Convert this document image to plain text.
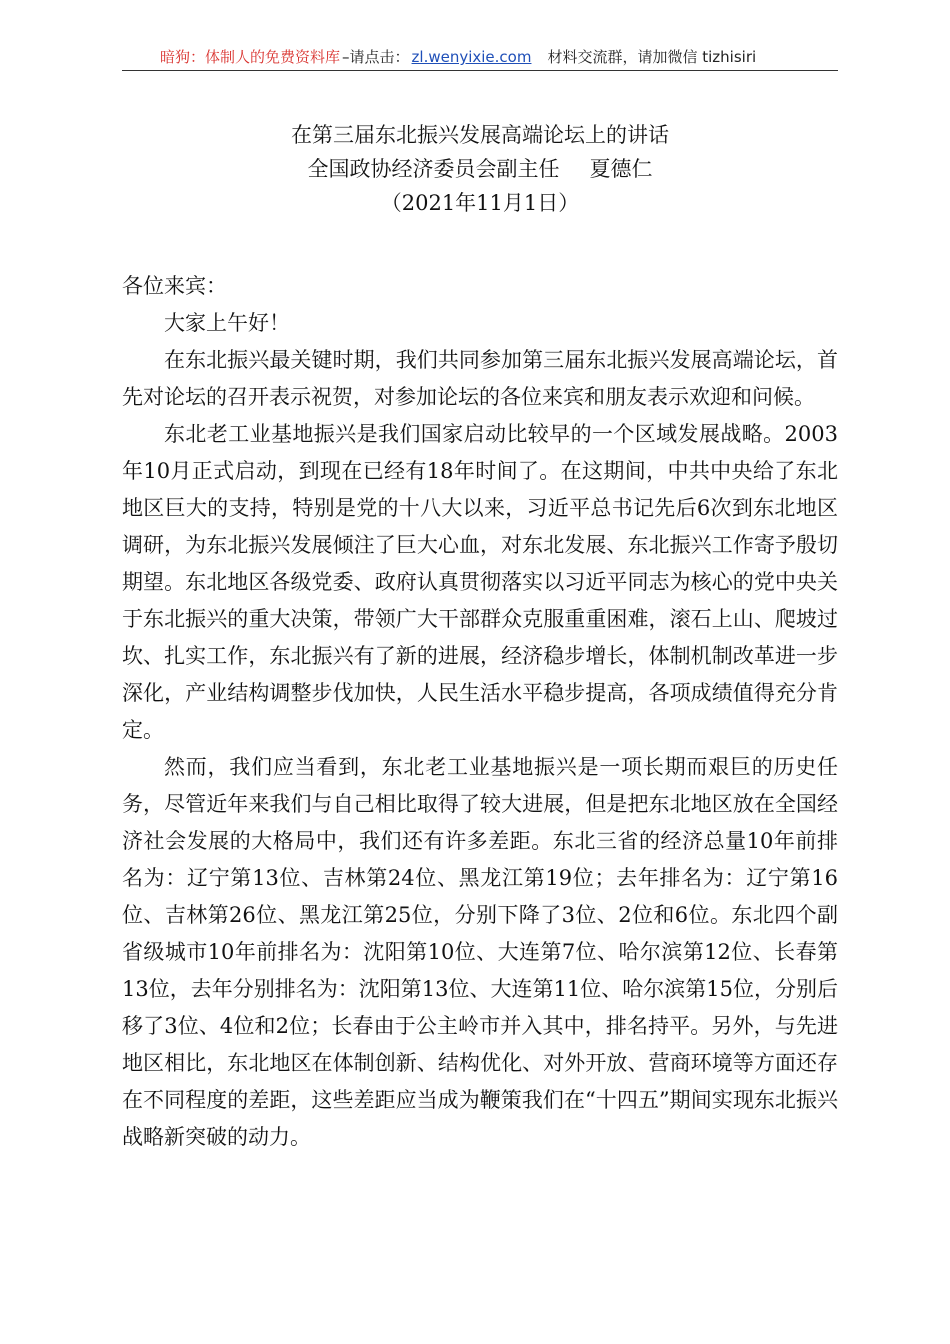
暗狗：体制人的免费资料库 –请点击： zl.wenyixie.com 材料交流群，请加微信 tizhisiri
在第三届东北振兴发展高端论坛上的讲话
全国政协经济委员会副主任 夏德仁
（2021年11月1日）

各位来宾：

大家上午好！

在东北振兴最关键时期，我们共同参加第三届东北振兴发展高端论坛，首先对论坛的召开表示祝贺，对参加论坛的各位来宾和朋友表示欢迎和问候。

东北老工业基地振兴是我们国家启动比较早的一个区域发展战略。2003年10月正式启动，到现在已经有18年时间了。在这期间，中共中央给了东北地区巨大的支持，特别是党的十八大以来，习近平总书记先后6次到东北地区调研，为东北振兴发展倾注了巨大心血，对东北发展、东北振兴工作寄予殷切期望。东北地区各级党委、政府认真贯彻落实以习近平同志为核心的党中央关于东北振兴的重大决策，带领广大干部群众克服重重困难，滚石上山、爬坡过坎、扎实工作，东北振兴有了新的进展，经济稳步增长，体制机制改革进一步深化，产业结构调整步伐加快，人民生活水平稳步提高，各项成绩值得充分肯定。

然而，我们应当看到，东北老工业基地振兴是一项长期而艰巨的历史任务，尽管近年来我们与自己相比取得了较大进展，但是把东北地区放在全国经济社会发展的大格局中，我们还有许多差距。东北三省的经济总量10年前排名为：辽宁第13位、吉林第24位、黑龙江第19位；去年排名为：辽宁第16位、吉林第26位、黑龙江第25位，分别下降了3位、2位和6位。东北四个副省级城市10年前排名为：沈阳第10位、大连第7位、哈尔滨第12位、长春第13位，去年分别排名为：沈阳第13位、大连第11位、哈尔滨第15位，分别后移了3位、4位和2位；长春由于公主岭市并入其中，排名持平。另外，与先进地区相比，东北地区在体制创新、结构优化、对外开放、营商环境等方面还存在不同程度的差距，这些差距应当成为鞭策我们在“十四五”期间实现东北振兴战略新突破的动力。
